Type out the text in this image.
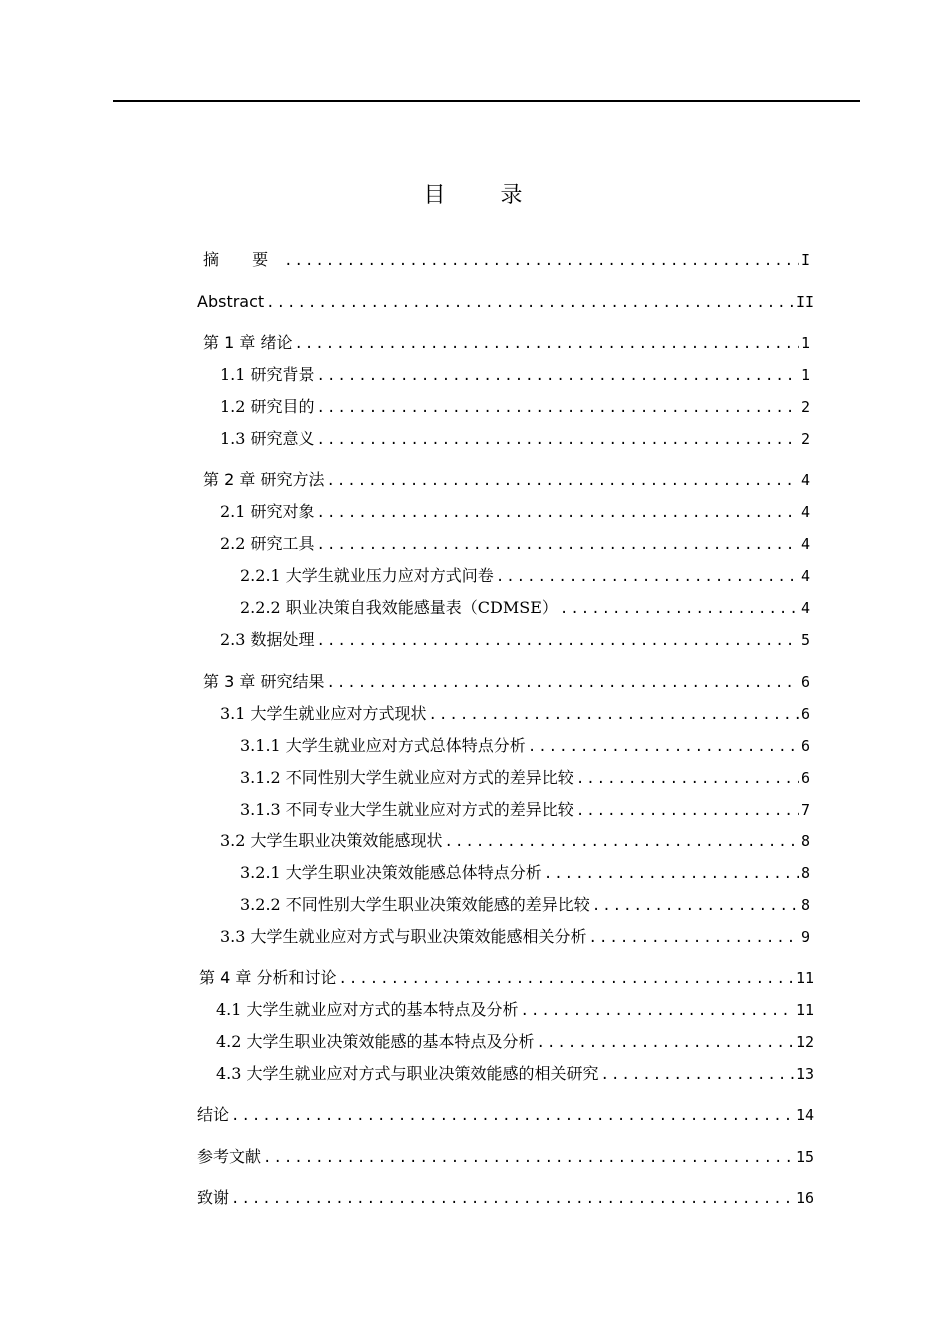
目 录
摘 要 .....	I
Abstract .....	II
第 1 章 绪论 .....	1
1.1 研究背景 .....	1
1.2 研究目的 .....	2
1.3 研究意义 .....	2
第 2 章 研究方法 .....	4
2.1 研究对象 .....	4
2.2 研究工具 .....	4
2.2.1 大学生就业压力应对方式问卷 .....	4
2.2.2 职业决策自我效能感量表（CDMSE） .....	4
2.3 数据处理 .....	5
第 3 章 研究结果 .....	6
3.1 大学生就业应对方式现状 .....	6
3.1.1 大学生就业应对方式总体特点分析 .....	6
3.1.2 不同性别大学生就业应对方式的差异比较 .....	6
3.1.3 不同专业大学生就业应对方式的差异比较 .....	7
3.2 大学生职业决策效能感现状 .....	8
3.2.1 大学生职业决策效能感总体特点分析 .....	8
3.2.2 不同性别大学生职业决策效能感的差异比较 .....	8
3.3 大学生就业应对方式与职业决策效能感相关分析 .....	9
第 4 章 分析和讨论 .....	11
4.1 大学生就业应对方式的基本特点及分析 .....	11
4.2 大学生职业决策效能感的基本特点及分析 .....	12
4.3 大学生就业应对方式与职业决策效能感的相关研究 .....	13
结论 .....	14
参考文献 .....	15
致谢 .....	16
